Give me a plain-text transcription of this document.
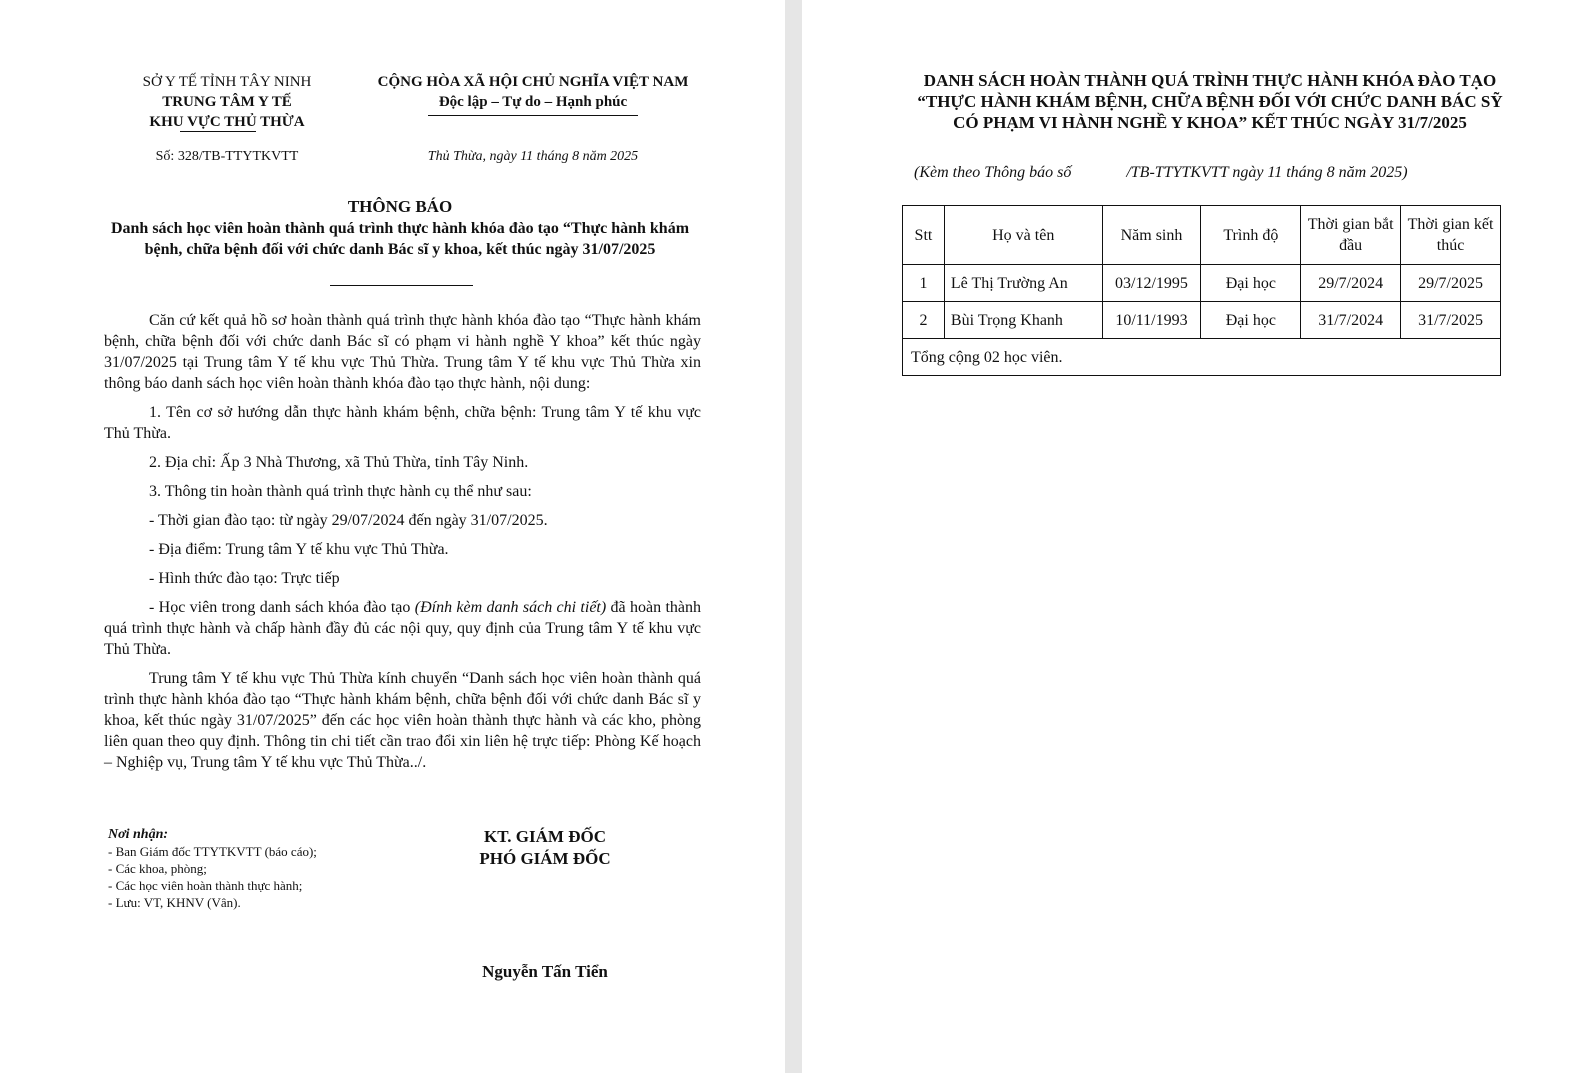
SỞ Y TẾ TỈNH TÂY NINH
TRUNG TÂM Y TẾ
KHU VỰC THỦ THỪA
CỘNG HÒA XÃ HỘI CHỦ NGHĨA VIỆT NAM
Độc lập – Tự do – Hạnh phúc
Số: 328/TB-TTYTKVTT	Thủ Thừa, ngày 11 tháng 8 năm 2025
THÔNG BÁO
Danh sách học viên hoàn thành quá trình thực hành khóa đào tạo “Thực hành khám bệnh, chữa bệnh đối với chức danh Bác sĩ y khoa, kết thúc ngày 31/07/2025

Căn cứ kết quả hồ sơ hoàn thành quá trình thực hành khóa đào tạo “Thực hành khám bệnh, chữa bệnh đối với chức danh Bác sĩ có phạm vi hành nghề Y khoa” kết thúc ngày 31/07/2025 tại Trung tâm Y tế khu vực Thủ Thừa. Trung tâm Y tế khu vực Thủ Thừa xin thông báo danh sách học viên hoàn thành khóa đào tạo thực hành, nội dung:

1. Tên cơ sở hướng dẫn thực hành khám bệnh, chữa bệnh: Trung tâm Y tế khu vực Thủ Thừa.

2. Địa chỉ: Ấp 3 Nhà Thương, xã Thủ Thừa, tỉnh Tây Ninh.

3. Thông tin hoàn thành quá trình thực hành cụ thể như sau:

- Thời gian đào tạo: từ ngày 29/07/2024 đến ngày 31/07/2025.

- Địa điểm: Trung tâm Y tế khu vực Thủ Thừa.

- Hình thức đào tạo: Trực tiếp

- Học viên trong danh sách khóa đào tạo (Đính kèm danh sách chi tiết) đã hoàn thành quá trình thực hành và chấp hành đầy đủ các nội quy, quy định của Trung tâm Y tế khu vực Thủ Thừa.

Trung tâm Y tế khu vực Thủ Thừa kính chuyển “Danh sách học viên hoàn thành quá trình thực hành khóa đào tạo “Thực hành khám bệnh, chữa bệnh đối với chức danh Bác sĩ y khoa, kết thúc ngày 31/07/2025” đến các học viên hoàn thành thực hành và các kho, phòng liên quan theo quy định. Thông tin chi tiết cần trao đổi xin liên hệ trực tiếp: Phòng Kế hoạch – Nghiệp vụ, Trung tâm Y tế khu vực Thủ Thừa../.

Nơi nhận:
- Ban Giám đốc TTYTKVTT (báo cáo);
- Các khoa, phòng;
- Các học viên hoàn thành thực hành;
- Lưu: VT, KHNV (Vân).
KT. GIÁM ĐỐC
PHÓ GIÁM ĐỐC
Nguyễn Tấn Tiển
DANH SÁCH HOÀN THÀNH QUÁ TRÌNH THỰC HÀNH KHÓA ĐÀO TẠO “THỰC HÀNH KHÁM BỆNH, CHỮA BỆNH ĐỐI VỚI CHỨC DANH BÁC SỸ CÓ PHẠM VI HÀNH NGHỀ Y KHOA” KẾT THÚC NGÀY 31/7/2025
(Kèm theo Thông báo số	/TB-TTYTKVTT ngày 11 tháng 8 năm 2025)
Stt	Họ và tên	Năm sinh	Trình độ	Thời gian bắt đầu	Thời gian kết thúc
1	Lê Thị Trường An	03/12/1995	Đại học	29/7/2024	29/7/2025
2	Bùi Trọng Khanh	10/11/1993	Đại học	31/7/2024	31/7/2025
Tổng cộng 02 học viên.					
